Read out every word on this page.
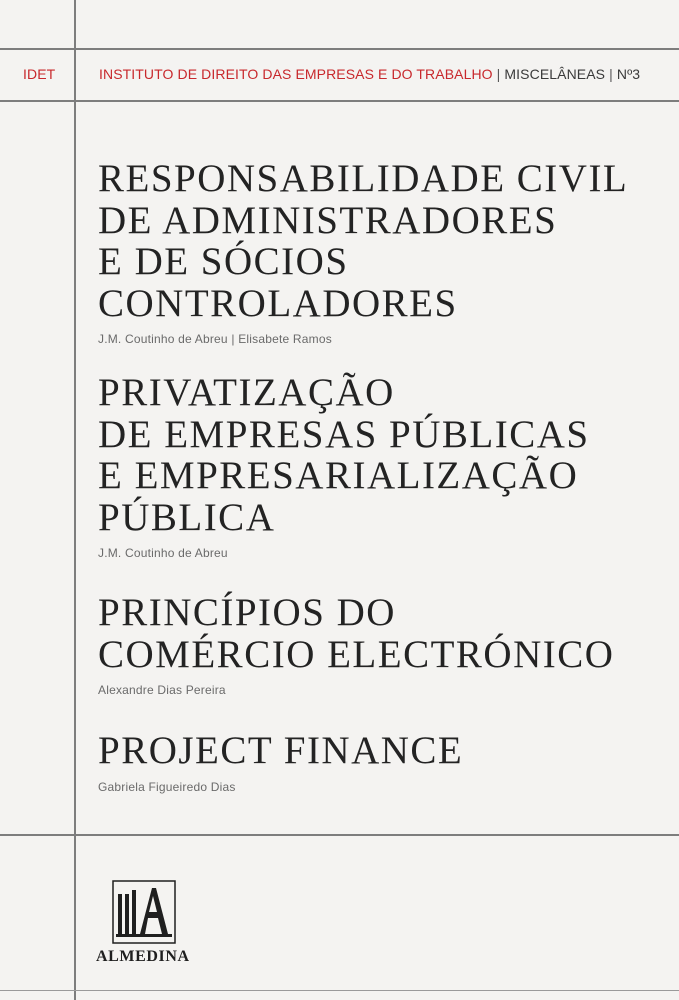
IDET	INSTITUTO DE DIREITO DAS EMPRESAS E DO TRABALHO | MISCELÂNEAS | Nº3
RESPONSABILIDADE CIVIL
DE ADMINISTRADORES
E DE SÓCIOS
CONTROLADORES
J.M. Coutinho de Abreu | Elisabete Ramos
PRIVATIZAÇÃO
DE EMPRESAS PÚBLICAS
E EMPRESARIALIZAÇÃO
PÚBLICA
J.M. Coutinho de Abreu
PRINCÍPIOS DO
COMÉRCIO ELECTRÓNICO
Alexandre Dias Pereira
PROJECT FINANCE
Gabriela Figueiredo Dias
ALMEDINA
